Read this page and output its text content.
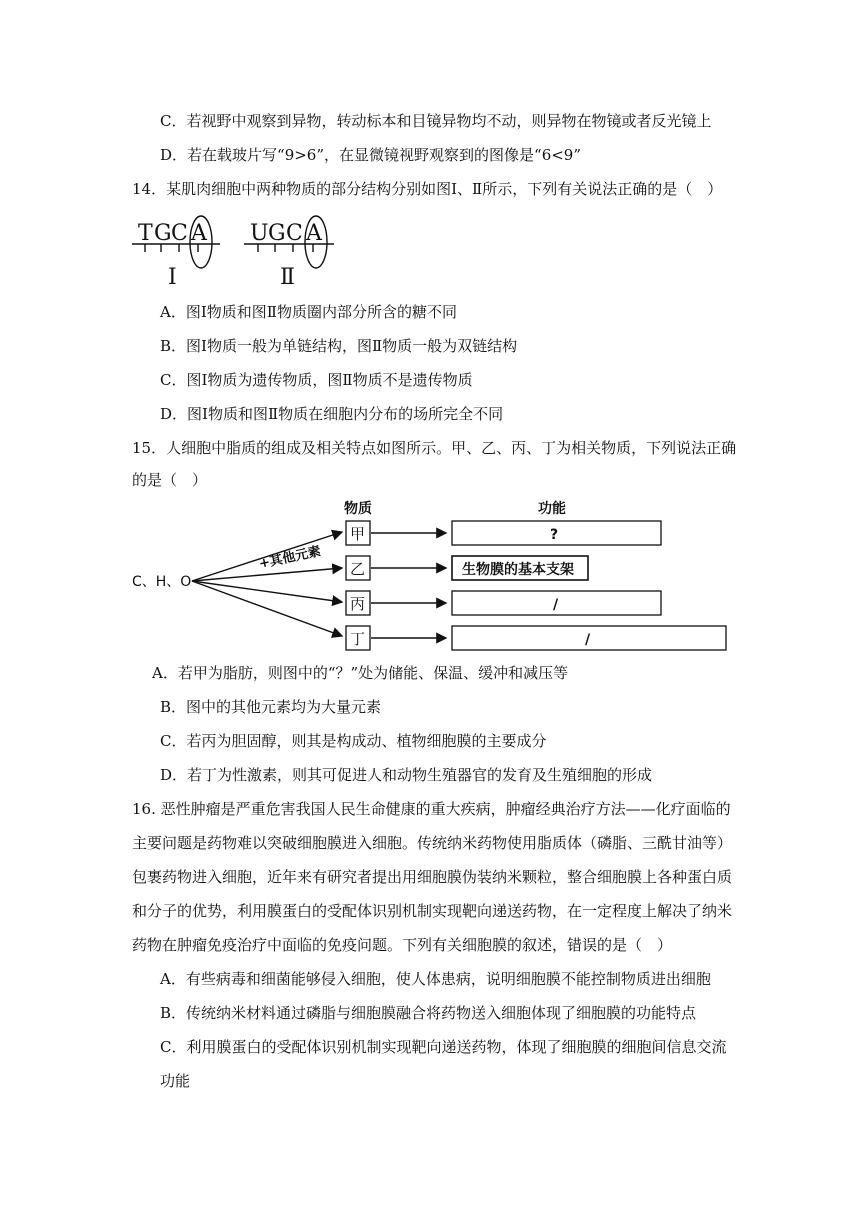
C．若视野中观察到异物，转动标本和目镜异物均不动，则异物在物镜或者反光镜上
D．若在载玻片写“9>6”，在显微镜视野观察到的图像是“6<9”
14．某肌肉细胞中两种物质的部分结构分别如图Ⅰ、Ⅱ所示，下列有关说法正确的是（　）
T G C A
Ⅰ
U G C A
Ⅱ
A．图Ⅰ物质和图Ⅱ物质圈内部分所含的糖不同
B．图Ⅰ物质一般为单链结构，图Ⅱ物质一般为双链结构
C．图Ⅰ物质为遗传物质，图Ⅱ物质不是遗传物质
D．图Ⅰ物质和图Ⅱ物质在细胞内分布的场所完全不同
15．人细胞中脂质的组成及相关特点如图所示。甲、乙、丙、丁为相关物质，下列说法正确
的是（　）
物质	功能
C、H、O
+其他元素
甲
乙
丙
丁
?
生物膜的基本支架
/
/
A．若甲为脂肪，则图中的“？”处为储能、保温、缓冲和减压等
B．图中的其他元素均为大量元素
C．若丙为胆固醇，则其是构成动、植物细胞膜的主要成分
D．若丁为性激素，则其可促进人和动物生殖器官的发育及生殖细胞的形成
16. 恶性肿瘤是严重危害我国人民生命健康的重大疾病，肿瘤经典治疗方法——化疗面临的
主要问题是药物难以突破细胞膜进入细胞。传统纳米药物使用脂质体（磷脂、三酰甘油等）
包裹药物进入细胞，近年来有研究者提出用细胞膜伪装纳米颗粒，整合细胞膜上各种蛋白质
和分子的优势，利用膜蛋白的受配体识别机制实现靶向递送药物，在一定程度上解决了纳米
药物在肿瘤免疫治疗中面临的免疫问题。下列有关细胞膜的叙述，错误的是（　）
A．有些病毒和细菌能够侵入细胞，使人体患病，说明细胞膜不能控制物质进出细胞
B．传统纳米材料通过磷脂与细胞膜融合将药物送入细胞体现了细胞膜的功能特点
C．利用膜蛋白的受配体识别机制实现靶向递送药物，体现了细胞膜的细胞间信息交流
功能
